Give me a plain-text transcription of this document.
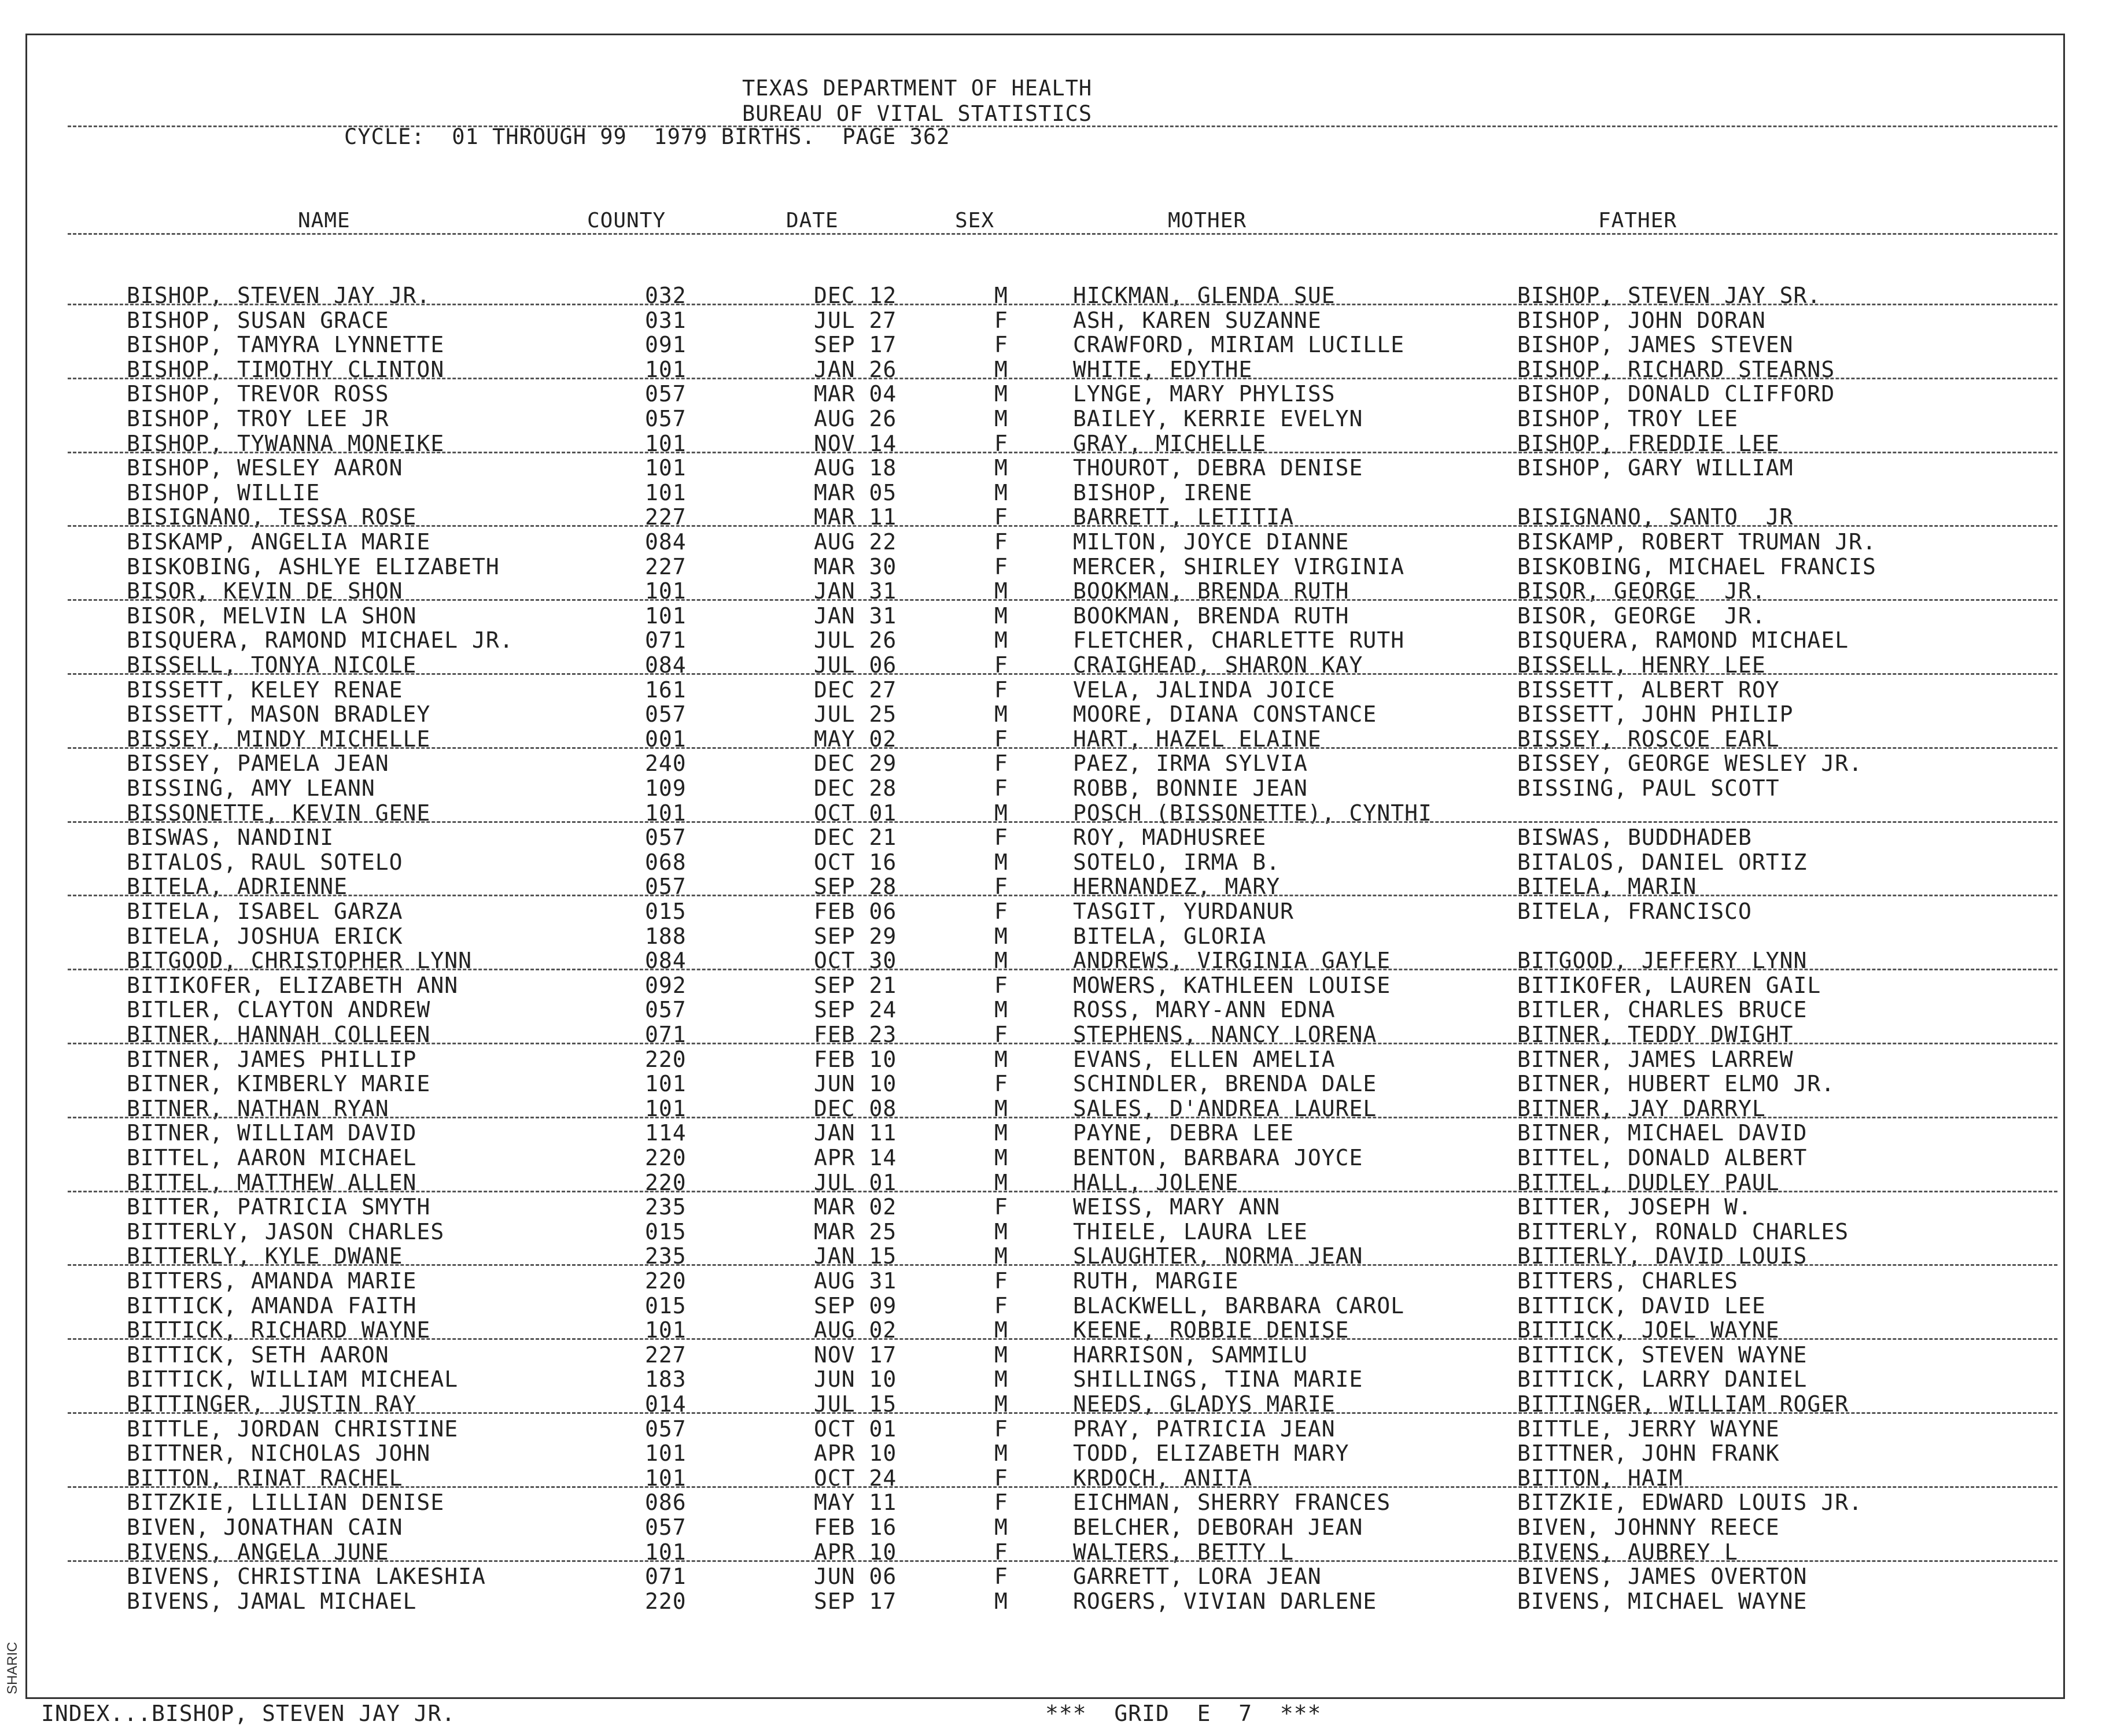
SHARIC
TEXAS DEPARTMENT OF HEALTH
BUREAU OF VITAL STATISTICS
CYCLE:  01 THROUGH 99  1979 BIRTHS.  PAGE 362
NAME	COUNTY	DATE	SEX	MOTHER	FATHER
BISHOP, STEVEN JAY JR.	032	DEC 12	M	HICKMAN, GLENDA SUE	BISHOP, STEVEN JAY SR.
BISHOP, SUSAN GRACE	031	JUL 27	F	ASH, KAREN SUZANNE	BISHOP, JOHN DORAN
BISHOP, TAMYRA LYNNETTE	091	SEP 17	F	CRAWFORD, MIRIAM LUCILLE	BISHOP, JAMES STEVEN
BISHOP, TIMOTHY CLINTON	101	JAN 26	M	WHITE, EDYTHE	BISHOP, RICHARD STEARNS
BISHOP, TREVOR ROSS	057	MAR 04	M	LYNGE, MARY PHYLISS	BISHOP, DONALD CLIFFORD
BISHOP, TROY LEE JR	057	AUG 26	M	BAILEY, KERRIE EVELYN	BISHOP, TROY LEE
BISHOP, TYWANNA MONEIKE	101	NOV 14	F	GRAY, MICHELLE	BISHOP, FREDDIE LEE
BISHOP, WESLEY AARON	101	AUG 18	M	THOUROT, DEBRA DENISE	BISHOP, GARY WILLIAM
BISHOP, WILLIE	101	MAR 05	M	BISHOP, IRENE
BISIGNANO, TESSA ROSE	227	MAR 11	F	BARRETT, LETITIA	BISIGNANO, SANTO  JR
BISKAMP, ANGELIA MARIE	084	AUG 22	F	MILTON, JOYCE DIANNE	BISKAMP, ROBERT TRUMAN JR.
BISKOBING, ASHLYE ELIZABETH	227	MAR 30	F	MERCER, SHIRLEY VIRGINIA	BISKOBING, MICHAEL FRANCIS
BISOR, KEVIN DE SHON	101	JAN 31	M	BOOKMAN, BRENDA RUTH	BISOR, GEORGE  JR.
BISOR, MELVIN LA SHON	101	JAN 31	M	BOOKMAN, BRENDA RUTH	BISOR, GEORGE  JR.
BISQUERA, RAMOND MICHAEL JR.	071	JUL 26	M	FLETCHER, CHARLETTE RUTH	BISQUERA, RAMOND MICHAEL
BISSELL, TONYA NICOLE	084	JUL 06	F	CRAIGHEAD, SHARON KAY	BISSELL, HENRY LEE
BISSETT, KELEY RENAE	161	DEC 27	F	VELA, JALINDA JOICE	BISSETT, ALBERT ROY
BISSETT, MASON BRADLEY	057	JUL 25	M	MOORE, DIANA CONSTANCE	BISSETT, JOHN PHILIP
BISSEY, MINDY MICHELLE	001	MAY 02	F	HART, HAZEL ELAINE	BISSEY, ROSCOE EARL
BISSEY, PAMELA JEAN	240	DEC 29	F	PAEZ, IRMA SYLVIA	BISSEY, GEORGE WESLEY JR.
BISSING, AMY LEANN	109	DEC 28	F	ROBB, BONNIE JEAN	BISSING, PAUL SCOTT
BISSONETTE, KEVIN GENE	101	OCT 01	M	POSCH (BISSONETTE), CYNTHI
BISWAS, NANDINI	057	DEC 21	F	ROY, MADHUSREE	BISWAS, BUDDHADEB
BITALOS, RAUL SOTELO	068	OCT 16	M	SOTELO, IRMA B.	BITALOS, DANIEL ORTIZ
BITELA, ADRIENNE	057	SEP 28	F	HERNANDEZ, MARY	BITELA, MARIN
BITELA, ISABEL GARZA	015	FEB 06	F	TASGIT, YURDANUR	BITELA, FRANCISCO
BITELA, JOSHUA ERICK	188	SEP 29	M	BITELA, GLORIA
BITGOOD, CHRISTOPHER LYNN	084	OCT 30	M	ANDREWS, VIRGINIA GAYLE	BITGOOD, JEFFERY LYNN
BITIKOFER, ELIZABETH ANN	092	SEP 21	F	MOWERS, KATHLEEN LOUISE	BITIKOFER, LAUREN GAIL
BITLER, CLAYTON ANDREW	057	SEP 24	M	ROSS, MARY-ANN EDNA	BITLER, CHARLES BRUCE
BITNER, HANNAH COLLEEN	071	FEB 23	F	STEPHENS, NANCY LORENA	BITNER, TEDDY DWIGHT
BITNER, JAMES PHILLIP	220	FEB 10	M	EVANS, ELLEN AMELIA	BITNER, JAMES LARREW
BITNER, KIMBERLY MARIE	101	JUN 10	F	SCHINDLER, BRENDA DALE	BITNER, HUBERT ELMO JR.
BITNER, NATHAN RYAN	101	DEC 08	M	SALES, D'ANDREA LAUREL	BITNER, JAY DARRYL
BITNER, WILLIAM DAVID	114	JAN 11	M	PAYNE, DEBRA LEE	BITNER, MICHAEL DAVID
BITTEL, AARON MICHAEL	220	APR 14	M	BENTON, BARBARA JOYCE	BITTEL, DONALD ALBERT
BITTEL, MATTHEW ALLEN	220	JUL 01	M	HALL, JOLENE	BITTEL, DUDLEY PAUL
BITTER, PATRICIA SMYTH	235	MAR 02	F	WEISS, MARY ANN	BITTER, JOSEPH W.
BITTERLY, JASON CHARLES	015	MAR 25	M	THIELE, LAURA LEE	BITTERLY, RONALD CHARLES
BITTERLY, KYLE DWANE	235	JAN 15	M	SLAUGHTER, NORMA JEAN	BITTERLY, DAVID LOUIS
BITTERS, AMANDA MARIE	220	AUG 31	F	RUTH, MARGIE	BITTERS, CHARLES
BITTICK, AMANDA FAITH	015	SEP 09	F	BLACKWELL, BARBARA CAROL	BITTICK, DAVID LEE
BITTICK, RICHARD WAYNE	101	AUG 02	M	KEENE, ROBBIE DENISE	BITTICK, JOEL WAYNE
BITTICK, SETH AARON	227	NOV 17	M	HARRISON, SAMMILU	BITTICK, STEVEN WAYNE
BITTICK, WILLIAM MICHEAL	183	JUN 10	M	SHILLINGS, TINA MARIE	BITTICK, LARRY DANIEL
BITTINGER, JUSTIN RAY	014	JUL 15	M	NEEDS, GLADYS MARIE	BITTINGER, WILLIAM ROGER
BITTLE, JORDAN CHRISTINE	057	OCT 01	F	PRAY, PATRICIA JEAN	BITTLE, JERRY WAYNE
BITTNER, NICHOLAS JOHN	101	APR 10	M	TODD, ELIZABETH MARY	BITTNER, JOHN FRANK
BITTON, RINAT RACHEL	101	OCT 24	F	KRDOCH, ANITA	BITTON, HAIM
BITZKIE, LILLIAN DENISE	086	MAY 11	F	EICHMAN, SHERRY FRANCES	BITZKIE, EDWARD LOUIS JR.
BIVEN, JONATHAN CAIN	057	FEB 16	M	BELCHER, DEBORAH JEAN	BIVEN, JOHNNY REECE
BIVENS, ANGELA JUNE	101	APR 10	F	WALTERS, BETTY L	BIVENS, AUBREY L
BIVENS, CHRISTINA LAKESHIA	071	JUN 06	F	GARRETT, LORA JEAN	BIVENS, JAMES OVERTON
BIVENS, JAMAL MICHAEL	220	SEP 17	M	ROGERS, VIVIAN DARLENE	BIVENS, MICHAEL WAYNE
INDEX...BISHOP, STEVEN JAY JR.	***  GRID  E  7  ***
